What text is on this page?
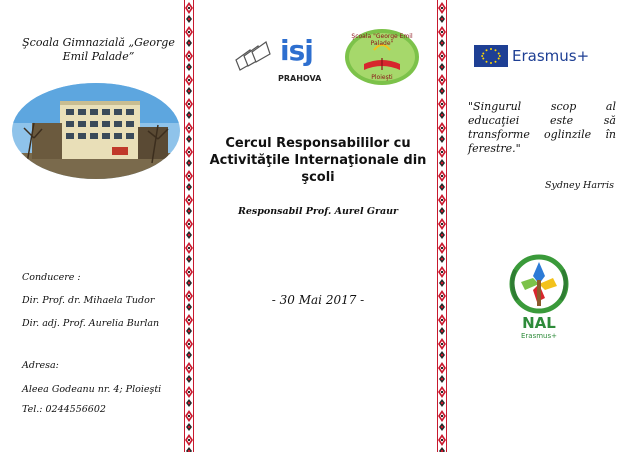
Şcoala Gimnazială „George Emil Palade”
Conducere :
Dir. Prof. dr. Mihaela Tudor
Dir. adj. Prof. Aurelia Burlan
Adresa:
Aleea Godeanu nr. 4; Ploieşti
Tel.: 0244556602
isj
PRAHOVA
Şcoala "George Emil Palade"
Ploieşti
Cercul Responsabililor cu Activităţile Internaţionale din şcoli
Responsabil Prof. Aurel Graur
- 30 Mai 2017 -
Erasmus+
"Singurul scop al educaţiei este să transforme oglinzile în ferestre."
Sydney Harris
NAL
Erasmus+
